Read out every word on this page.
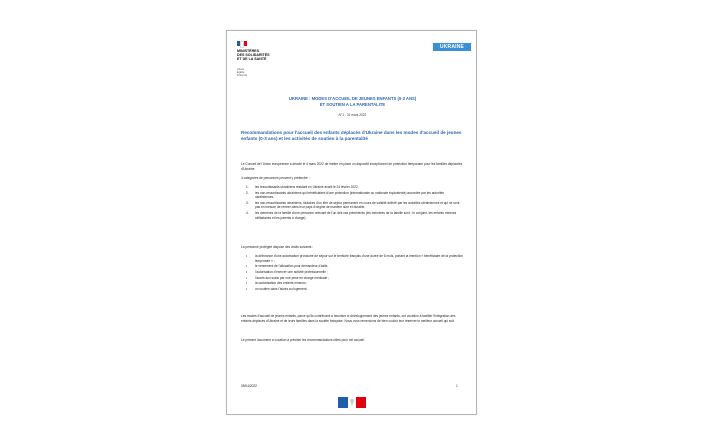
MINISTÈRES
DES SOLIDARITÉS
ET DE LA SANTÉ
Liberté
Égalité
Fraternité
UKRAINE
UKRAINE : MODES D'ACCUEIL DE JEUNES ENFANTS (0-3 ANS)
ET SOUTIEN A LA PARENTALITE
N°1 - 31 mars 2022
Recommandations pour l'accueil des enfants déplacés d'Ukraine dans les modes d'accueil de jeunes enfants (0-3 ans) et les activités de soutien à la parentalité
Le Conseil de l'Union européenne a décidé le 4 mars 2022 de mettre en place un dispositif exceptionnel de protection temporaire pour les familles déplacées d'Ukraine.
4 catégories de personnes peuvent y prétendre :
1. les ressortissants ukrainiens résidant en Ukraine avant le 24 février 2022,
2. les non-ressortissants ukrainiens qui bénéficiaient d'une protection (internationale ou nationale équivalente) accordée par les autorités ukrainiennes,
3. les non-ressortissants ukrainiens, titulaires d'un titre de séjour permanent en cours de validité délivré par les autorités ukrainiennes et qui ne sont pas en mesure de rentrer dans leur pays d'origine de manière sûre et durable,
4. les membres de la famille d'une personne relevant de l'un des cas précédents (les membres de la famille sont : le conjoint, les enfants mineurs célibataires et les parents à charge).
La personne protégée dispose des droits suivants :
• la délivrance d'une autorisation provisoire de séjour sur le territoire français d'une durée de 6 mois, portant la mention « bénéficiaire de la protection temporaire » ;
• le versement de l'allocation pour demandeur d'asile,
• l'autorisation d'exercer une activité professionnelle ;
• l'accès aux soins par une prise en charge médicale ;
• la scolarisation des enfants mineurs ;
• un soutien dans l'accès au logement.
Les modes d'accueil de jeunes enfants, parce qu'ils contribuent à favoriser le développement des jeunes enfants, ont vocation à faciliter l'intégration des enfants déplacés d'Ukraine et de leurs familles dans la société française. Nous vous remercions de bien vouloir leur réserver le meilleur accueil qui soit.
Le présent document a vocation à préciser les recommandations utiles pour cet accueil.
05/04/2022	1
